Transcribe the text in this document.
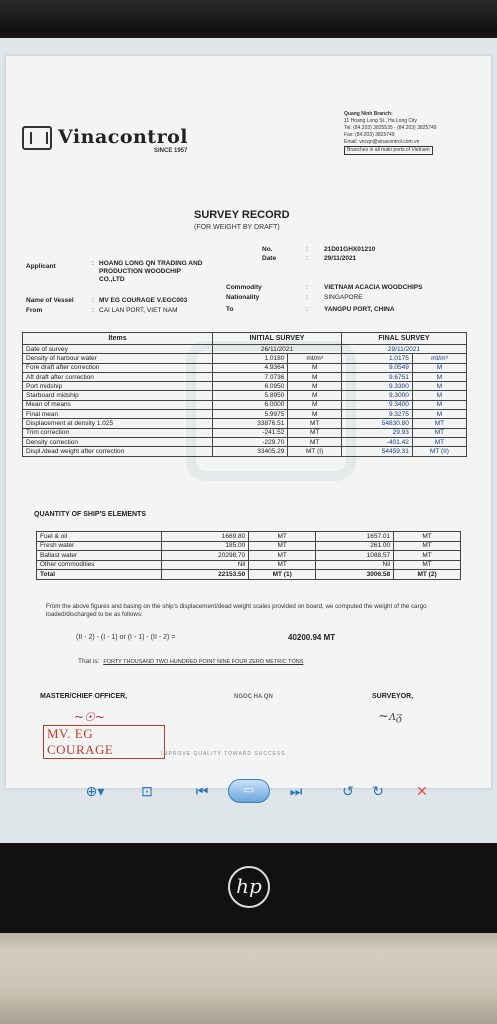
Vinacontrol
SINCE 1957
Quang Ninh Branch:
11 Hoang Long St., Ha Long City
Tel: (84.203) 3825535 - (84.203) 3825749
Fax: (84.203) 3825749
Email: vncqn@vinacontrol.com.vn
Branches in all main ports of Vietnam
SURVEY RECORD
(FOR WEIGHT BY DRAFT)
No.	: 21D01GHX01210
Date	: 29/11/2021
Applicant	: HOANG LONG QN TRADING AND PRODUCTION WOODCHIP CO.,LTD
Name of Vessel	: MV EG COURAGE V.EGC003
From	: CAI LAN PORT, VIET NAM
Commodity	: VIETNAM ACACIA WOODCHIPS
Nationality	: SINGAPORE
To	: YANGPU PORT, CHINA
Items	INITIAL SURVEY		FINAL SURVEY	
Date of survey	26/11/2021		29/11/2021	
Density of harbour water	1.0180	mt/m³	1.0175	mt/m³
Fore draft after correction	4.9364	M	9.0549	M
Aft draft after correction	7.0736	M	9.6751	M
Port midship	6.0950	M	9.3300	M
Starboard midship	5.8950	M	9.3000	M
Mean of means	6.0000	M	9.3400	M
Final mean	5.9975	M	9.3275	M
Displacement at density 1.025	33876.51	MT	54830.80	MT
Trim correction	-241.52	MT	29.93	MT
Density correction	-229.70	MT	-401.42	MT
Displ./dead weight after correction	33405.29	MT (I)	54459.31	MT (II)
QUANTITY OF SHIP'S ELEMENTS
Fuel & oil	1669.80	MT	1657.01	MT
Fresh water	185.00	MT	261.00	MT
Ballast water	20298.70	MT	1088.57	MT
Other commodities	Nil	MT	Nil	MT
Total	22153.50	MT (1)	3006.58	MT (2)
From the above figures and basing on the ship's displacement/dead weight scales provided on board, we computed the weight of the cargo loaded/discharged to be as follows:
(II - 2) - (I - 1) or (I - 1) - (II - 2) =	40200.94 MT
That is: FORTY THOUSAND TWO HUNDRED POINT NINE FOUR ZERO METRIC TONS
MASTER/CHIEF OFFICER,	NGOC HA QN	SURVEYOR,
~☉~
MV. EG COURAGE
~ᴧᵹ
IMPROVE QUALITY TOWARD SUCCESS
⊕▾	⊡	⏮	▭	⏭	↺ ↻ ✕
hp
